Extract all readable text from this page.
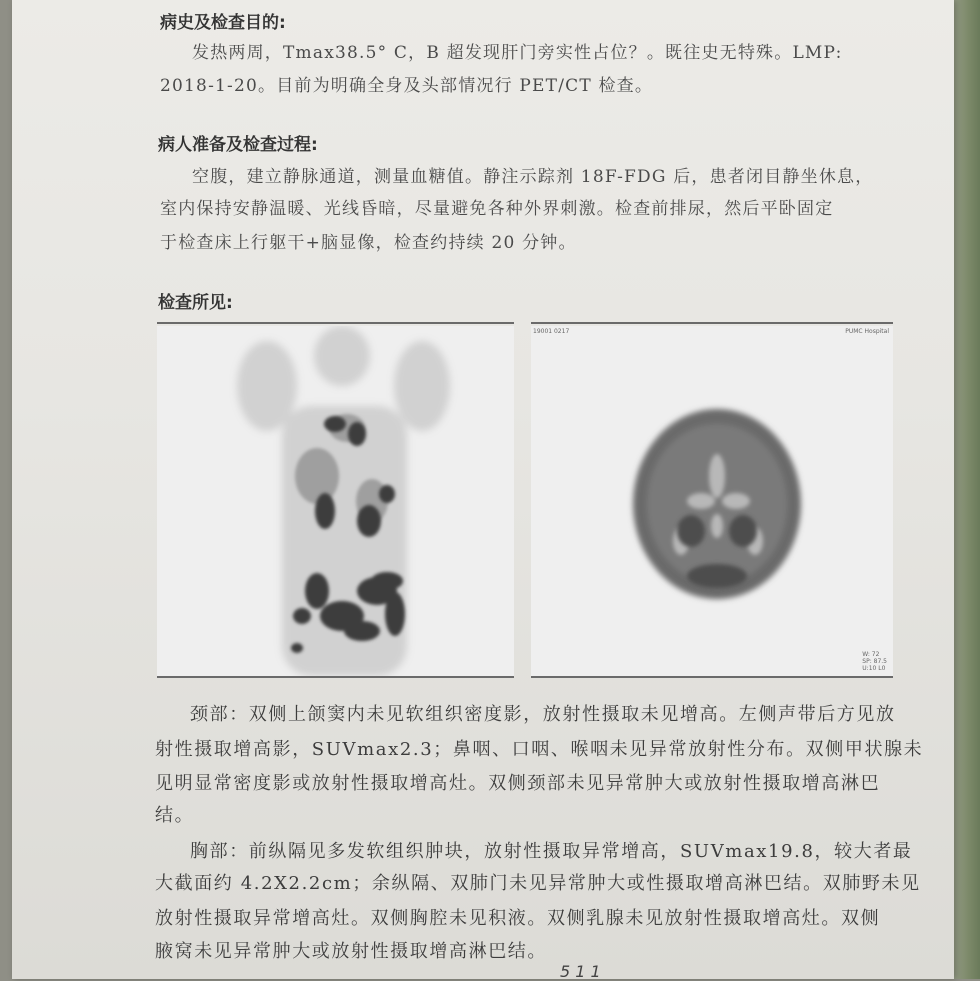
病史及检查目的:
发热两周，Tmax38.5° C，B 超发现肝门旁实性占位？。既往史无特殊。LMP:
2018-1-20。目前为明确全身及头部情况行 PET/CT 检查。
病人准备及检查过程:
空腹，建立静脉通道，测量血糖值。静注示踪剂 18F-FDG 后，患者闭目静坐休息，
室内保持安静温暖、光线昏暗，尽量避免各种外界刺激。检查前排尿，然后平卧固定
于检查床上行躯干+脑显像，检查约持续 20 分钟。
检查所见:
19001 0217	PUMC Hospital
W: 72
SP: 87.5
U:10 L0
颈部：双侧上颌窦内未见软组织密度影，放射性摄取未见增高。左侧声带后方见放
射性摄取增高影，SUVmax2.3；鼻咽、口咽、喉咽未见异常放射性分布。双侧甲状腺未
见明显常密度影或放射性摄取增高灶。双侧颈部未见异常肿大或放射性摄取增高淋巴
结。
胸部：前纵隔见多发软组织肿块，放射性摄取异常增高，SUVmax19.8，较大者最
大截面约 4.2X2.2cm；余纵隔、双肺门未见异常肿大或性摄取增高淋巴结。双肺野未见
放射性摄取异常增高灶。双侧胸腔未见积液。双侧乳腺未见放射性摄取增高灶。双侧
腋窝未见异常肿大或放射性摄取增高淋巴结。
5 1 1
